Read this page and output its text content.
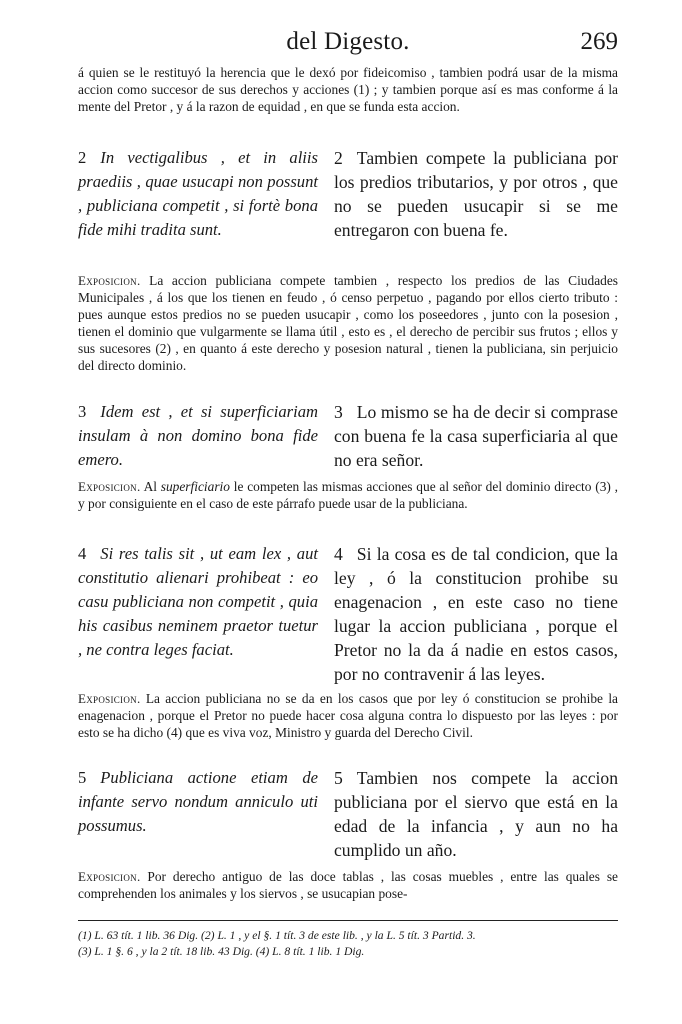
del Digesto.	269
á quien se le restituyó la herencia que le dexó por fideicomiso , tambien podrá usar de la misma accion como succesor de sus derechos y acciones (1) ; y tambien porque así es mas conforme á la mente del Pretor , y á la razon de equidad , en que se funda esta accion.
2 In vectigalibus , et in aliis praediis , quae usucapi non possunt , publiciana competit , si fortè bona fide mihi tradita sunt.
2 Tambien compete la publiciana por los predios tributarios, y por otros , que no se pueden usucapir si se me entregaron con buena fe.
Exposicion. La accion publiciana compete tambien , respecto los predios de las Ciudades Municipales , á los que los tienen en feudo , ó censo perpetuo , pagando por ellos cierto tributo : pues aunque estos predios no se pueden usucapir , como los poseedores , junto con la posesion , tienen el dominio que vulgarmente se llama útil , esto es , el derecho de percibir sus frutos ; ellos y sus sucesores (2) , en quanto á este derecho y posesion natural , tienen la publiciana, sin perjuicio del directo dominio.
3 Idem est , et si superficiariam insulam à non domino bona fide emero.
3 Lo mismo se ha de decir si comprase con buena fe la casa superficiaria al que no era señor.
Exposicion. Al superficiario le competen las mismas acciones que al señor del dominio directo (3) , y por consiguiente en el caso de este párrafo puede usar de la publiciana.
4 Si res talis sit , ut eam lex , aut constitutio alienari prohibeat : eo casu publiciana non competit , quia his casibus neminem praetor tuetur , ne contra leges faciat.
4 Si la cosa es de tal condicion, que la ley , ó la constitucion prohibe su enagenacion , en este caso no tiene lugar la accion publiciana , porque el Pretor no la da á nadie en estos casos, por no contravenir á las leyes.
Exposicion. La accion publiciana no se da en los casos que por ley ó constitucion se prohibe la enagenacion , porque el Pretor no puede hacer cosa alguna contra lo dispuesto por las leyes : por esto se ha dicho (4) que es viva voz, Ministro y guarda del Derecho Civil.
5 Publiciana actione etiam de infante servo nondum anniculo uti possumus.
5 Tambien nos compete la accion publiciana por el siervo que está en la edad de la infancia , y aun no ha cumplido un año.
Exposicion. Por derecho antiguo de las doce tablas , las cosas muebles , entre las quales se comprehenden los animales y los siervos , se usucapian pose-
(1) L. 63 tít. 1 lib. 36 Dig. (2) L. 1 , y el §. 1 tít. 3 de este lib. , y la L. 5 tít. 3 Partid. 3.
(3) L. 1 §. 6 , y la 2 tít. 18 lib. 43 Dig. (4) L. 8 tít. 1 lib. 1 Dig.
